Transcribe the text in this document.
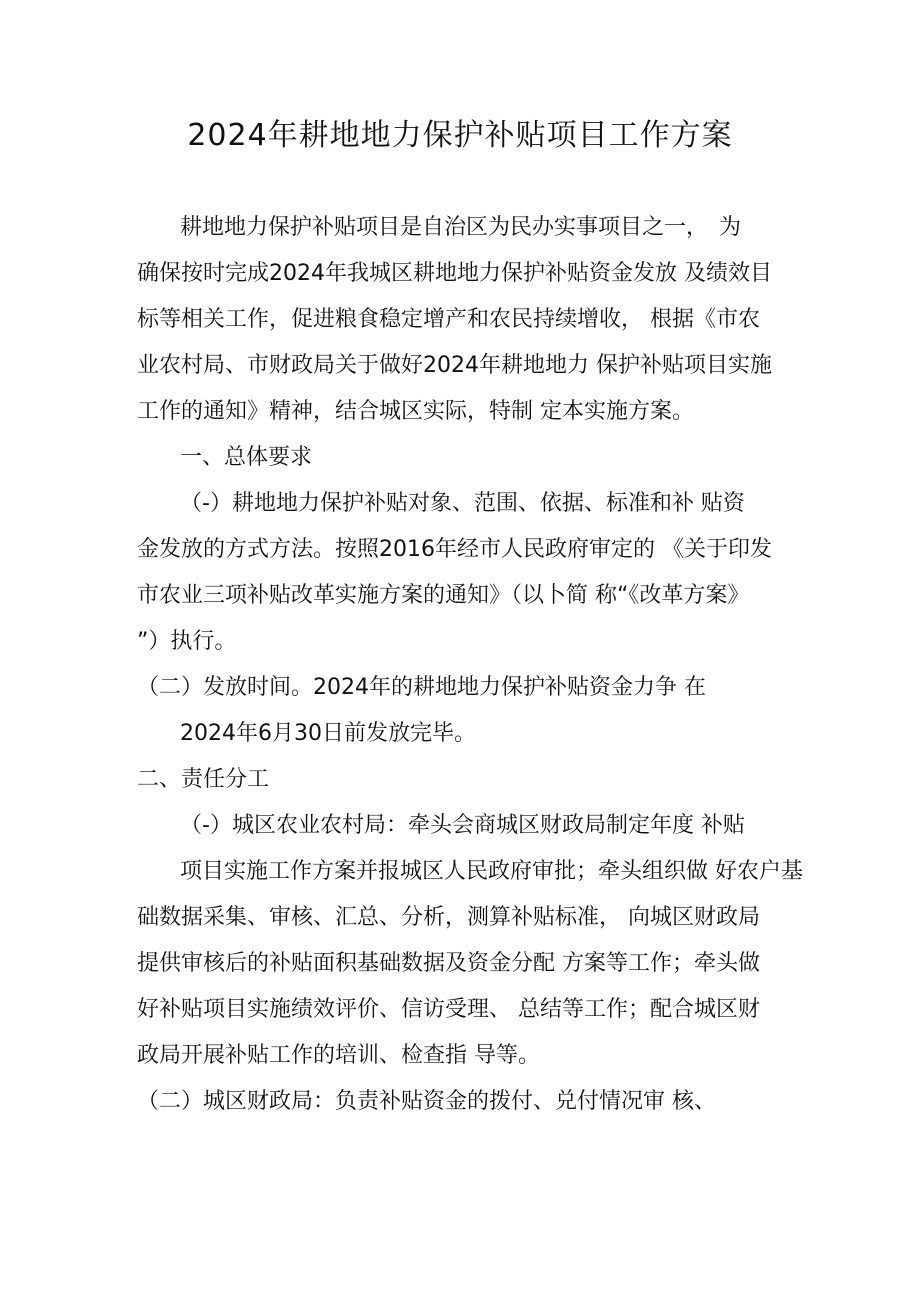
2024年耕地地力保护补贴项目工作方案
耕地地力保护补贴项目是自治区为民办实事项目之一，　为
确保按时完成2024年我城区耕地地力保护补贴资金发放 及绩效目
标等相关工作，促进粮食稳定增产和农民持续增收， 根据《市农
业农村局、市财政局关于做好2024年耕地地力 保护补贴项目实施
工作的通知》精神，结合城区实际，特制 定本实施方案。
一、总体要求
（-）耕地地力保护补贴对象、范围、依据、标准和补 贴资
金发放的方式方法。按照2016年经市人民政府审定的 《关于印发
市农业三项补贴改革实施方案的通知》（以卜简 称“《改革方案》
”）执行。
（二）发放时间。2024年的耕地地力保护补贴资金力争 在
2024年6月30日前发放完毕。
二、责任分工
（-）城区农业农村局：牵头会商城区财政局制定年度 补贴
项目实施工作方案并报城区人民政府审批；牵头组织做 好农户基
础数据采集、审核、汇总、分析，测算补贴标准， 向城区财政局
提供审核后的补贴面积基础数据及资金分配 方案等工作；牵头做
好补贴项目实施绩效评价、信访受理、 总结等工作；配合城区财
政局开展补贴工作的培训、检查指 导等。
（二）城区财政局：负责补贴资金的拨付、兑付情况审 核、
